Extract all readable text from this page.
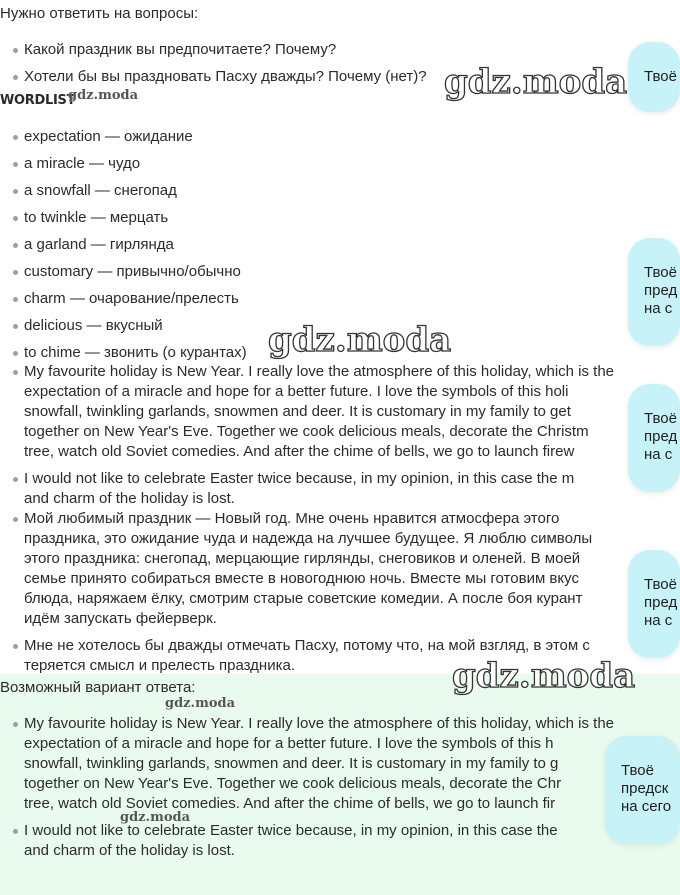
Нужно ответить на вопросы:
Какой праздник вы предпочитаете? Почему?
Хотели бы вы праздновать Пасху дважды? Почему (нет)?
WORDLIST
expectation — ожидание
a miracle — чудо
a snowfall — снегопад
to twinkle — мерцать
a garland — гирлянда
customary — привычно/обычно
charm — очарование/прелесть
delicious — вкусный
to chime — звонить (о курантах)
My favourite holiday is New Year. I really love the atmosphere of this holiday, which is the
expectation of a miracle and hope for a better future. I love the symbols of this holi
snowfall, twinkling garlands, snowmen and deer. It is customary in my family to get
together on New Year's Eve. Together we cook delicious meals, decorate the Christm
tree, watch old Soviet comedies. And after the chime of bells, we go to launch firew
I would not like to celebrate Easter twice because, in my opinion, in this case the m
and charm of the holiday is lost.
Мой любимый праздник — Новый год. Мне очень нравится атмосфера этого
праздника, это ожидание чуда и надежда на лучшее будущее. Я люблю символы
этого праздника: снегопад, мерцающие гирлянды, снеговиков и оленей. В моей
семье принято собираться вместе в новогоднюю ночь. Вместе мы готовим вкус
блюда, наряжаем ёлку, смотрим старые советские комедии. А после боя курант
идём запускать фейерверк.
Мне не хотелось бы дважды отмечать Пасху, потому что, на мой взгляд, в этом с
теряется смысл и прелесть праздника.
Возможный вариант ответа:
My favourite holiday is New Year. I really love the atmosphere of this holiday, which is the
expectation of a miracle and hope for a better future. I love the symbols of this h
snowfall, twinkling garlands, snowmen and deer. It is customary in my family to g
together on New Year's Eve. Together we cook delicious meals, decorate the Chr
tree, watch old Soviet comedies. And after the chime of bells, we go to launch fir
I would not like to celebrate Easter twice because, in my opinion, in this case the
and charm of the holiday is lost.
gdz.moda
gdz.moda
gdz.moda
gdz.moda
gdz.moda
gdz.moda
Твоё
Твоё
пред
на с
Твоё
пред
на с
Твоё
пред
на с
Твоё
предск
на сего
